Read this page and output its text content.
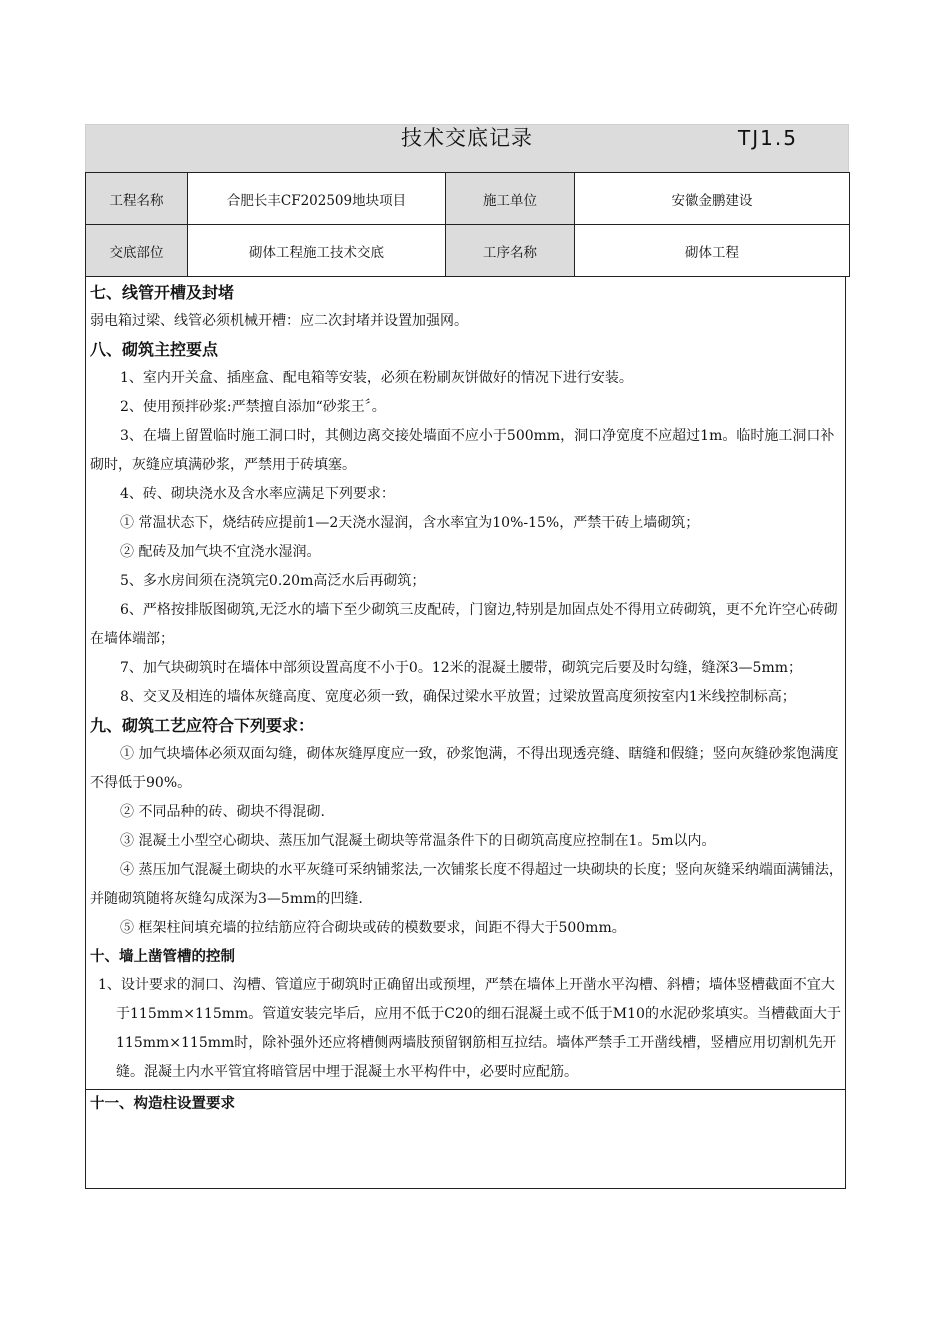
技术交底记录	TJ1.5
工程名称	合肥长丰CF202509地块项目	施工单位	安徽金鹏建设
交底部位	砌体工程施工技术交底	工序名称	砌体工程

七、线管开槽及封堵

弱电箱过梁、线管必须机械开槽：应二次封堵并设置加强网。

八、砌筑主控要点

1、室内开关盒、插座盒、配电箱等安装，必须在粉刷灰饼做好的情况下进行安装。

2、使用预拌砂浆:严禁擅自添加“砂浆王〞。

3、在墙上留置临时施工洞口时，其侧边离交接处墙面不应小于500mm，洞口净宽度不应超过1m。临时施工洞口补砌时，灰缝应填满砂浆，严禁用于砖填塞。

4、砖、砌块浇水及含水率应满足下列要求：

① 常温状态下，烧结砖应提前1—2天浇水湿润，含水率宜为10%-15%，严禁干砖上墙砌筑；

② 配砖及加气块不宜浇水湿润。

5、多水房间须在浇筑完0.20m高泛水后再砌筑；

6、严格按排版图砌筑,无泛水的墙下至少砌筑三皮配砖，门窗边,特别是加固点处不得用立砖砌筑，更不允许空心砖砌在墙体端部；

7、加气块砌筑时在墙体中部须设置高度不小于0。12米的混凝土腰带，砌筑完后要及时勾缝，缝深3—5mm；

8、交叉及相连的墙体灰缝高度、宽度必须一致，确保过梁水平放置；过梁放置高度须按室内1米线控制标高；

九、砌筑工艺应符合下列要求：

① 加气块墙体必须双面勾缝，砌体灰缝厚度应一致，砂浆饱满，不得出现透亮缝、瞎缝和假缝；竖向灰缝砂浆饱满度不得低于90%。

② 不同品种的砖、砌块不得混砌.

③ 混凝土小型空心砌块、蒸压加气混凝土砌块等常温条件下的日砌筑高度应控制在1。5m以内。

④ 蒸压加气混凝土砌块的水平灰缝可采纳铺浆法,一次铺浆长度不得超过一块砌块的长度；竖向灰缝采纳端面满铺法，并随砌筑随将灰缝勾成深为3—5mm的凹缝.

⑤ 框架柱间填充墙的拉结筋应符合砌块或砖的模数要求，间距不得大于500mm。

十、墙上凿管槽的控制

1、设计要求的洞口、沟槽、管道应于砌筑时正确留出或预埋，严禁在墙体上开凿水平沟槽、斜槽；墙体竖槽截面不宜大于115mm×115mm。管道安装完毕后，应用不低于C20的细石混凝土或不低于M10的水泥砂浆填实。当槽截面大于115mm×115mm时，除补强外还应将槽侧两墙肢预留钢筋相互拉结。墙体严禁手工开凿线槽，竖槽应用切割机先开缝。混凝土内水平管宜将暗管居中埋于混凝土水平构件中，必要时应配筋。

十一、构造柱设置要求
